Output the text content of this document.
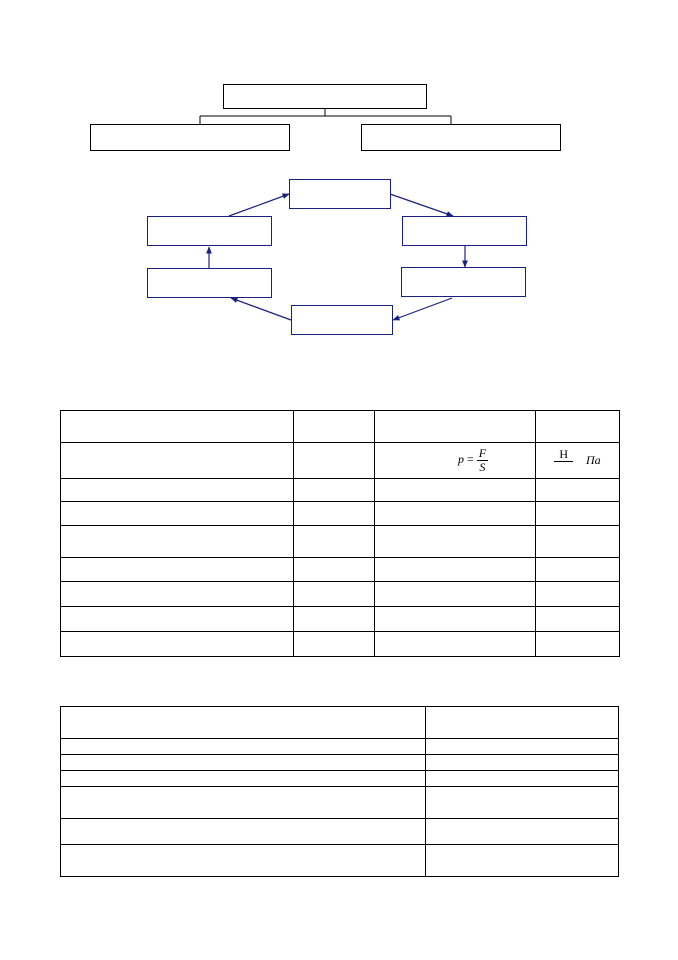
		$p = \frac{F}{S}$	Н Па
